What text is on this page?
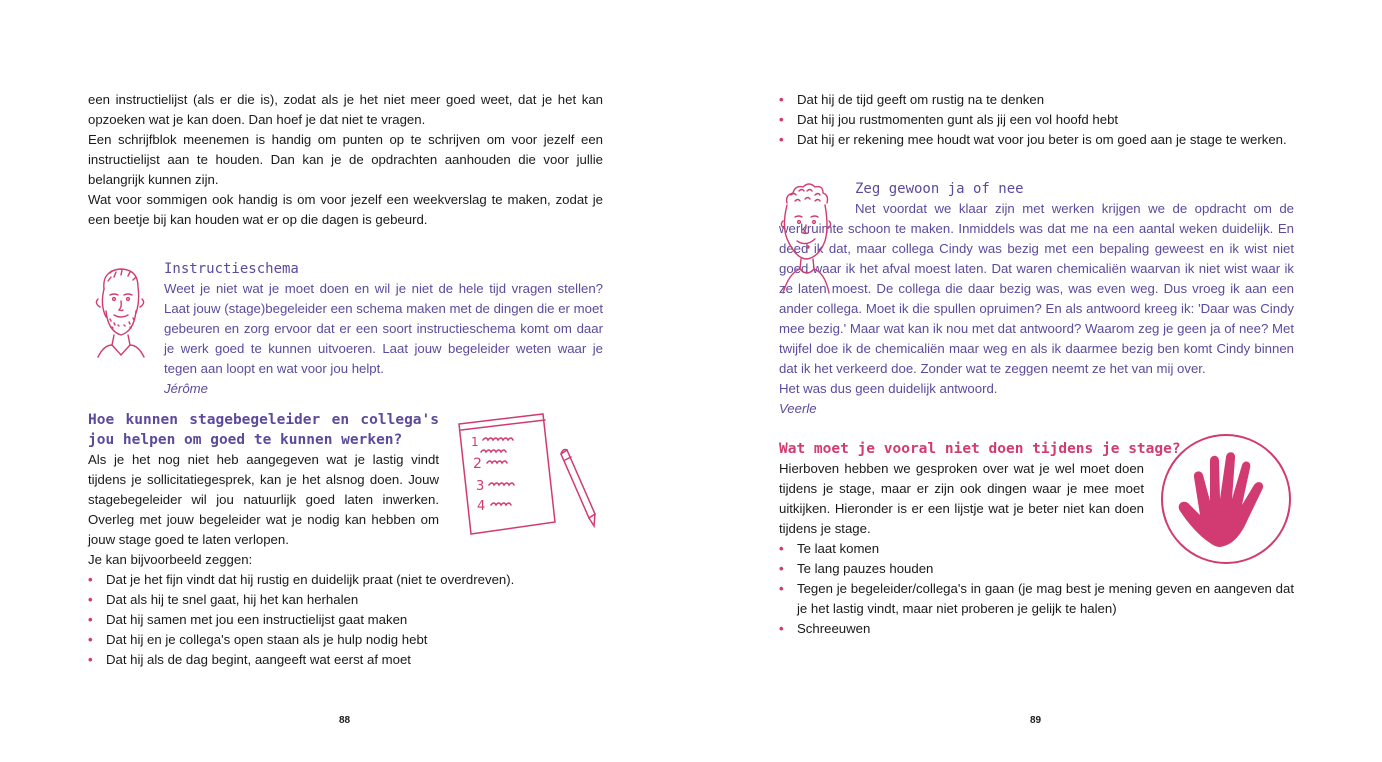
een instructielijst (als er die is), zodat als je het niet meer goed weet, dat je het kan opzoeken wat je kan doen. Dan hoef je dat niet te vragen.

Een schrijfblok meenemen is handig om punten op te schrijven om voor jezelf een instructielijst aan te houden. Dan kan je de opdrachten aanhouden die voor jullie belangrijk kunnen zijn.

Wat voor sommigen ook handig is om voor jezelf een weekverslag te maken, zodat je een beetje bij kan houden wat er op die dagen is gebeurd.

Instructieschema

Weet je niet wat je moet doen en wil je niet de hele tijd vragen stellen? Laat jouw (stage)begeleider een schema maken met de dingen die er moet gebeuren en zorg ervoor dat er een soort instructieschema komt om daar je werk goed te kunnen uitvoeren. Laat jouw begeleider weten waar je tegen aan loopt en wat voor jou helpt.

Jérôme

1
2
3
4
Hoe kunnen stagebegeleider en collega's jou helpen om goed te kunnen werken?

Als je het nog niet heb aangegeven wat je lastig vindt tijdens je sollicitatiegesprek, kan je het alsnog doen. Jouw stagebegeleider wil jou natuurlijk goed laten inwerken. Overleg met jouw begeleider wat je nodig kan hebben om jouw stage goed te laten verlopen.

Je kan bijvoorbeeld zeggen:

• Dat je het fijn vindt dat hij rustig en duidelijk praat (niet te overdreven).
• Dat als hij te snel gaat, hij het kan herhalen
• Dat hij samen met jou een instructielijst gaat maken
• Dat hij en je collega's open staan als je hulp nodig hebt
• Dat hij als de dag begint, aangeeft wat eerst af moet
88
• Dat hij de tijd geeft om rustig na te denken
• Dat hij jou rustmomenten gunt als jij een vol hoofd hebt
• Dat hij er rekening mee houdt wat voor jou beter is om goed aan je stage te werken.
Zeg gewoon ja of nee

Net voordat we klaar zijn met werken krijgen we de opdracht om de werkruimte schoon te maken. Inmiddels was dat me na een aantal weken duidelijk. En deed ik dat, maar collega Cindy was bezig met een bepaling geweest en ik wist niet goed waar ik het afval moest laten. Dat waren chemicaliën waarvan ik niet wist waar ik ze laten moest. De collega die daar bezig was, was even weg. Dus vroeg ik aan een ander collega. Moet ik die spullen opruimen? En als antwoord kreeg ik: 'Daar was Cindy mee bezig.' Maar wat kan ik nou met dat antwoord? Waarom zeg je geen ja of nee? Met twijfel doe ik de chemicaliën maar weg en als ik daarmee bezig ben komt Cindy binnen dat ik het verkeerd doe. Zonder wat te zeggen neemt ze het van mij over.

Het was dus geen duidelijk antwoord.

Veerle

Wat moet je vooral niet doen tijdens je stage?

Hierboven hebben we gesproken over wat je wel moet doen tijdens je stage, maar er zijn ook dingen waar je mee moet uitkijken. Hieronder is er een lijstje wat je beter niet kan doen tijdens je stage.

• Te laat komen
• Te lang pauzes houden
• Tegen je begeleider/collega's in gaan (je mag best je mening geven en aangeven dat je het lastig vindt, maar niet proberen je gelijk te halen)
• Schreeuwen
89
